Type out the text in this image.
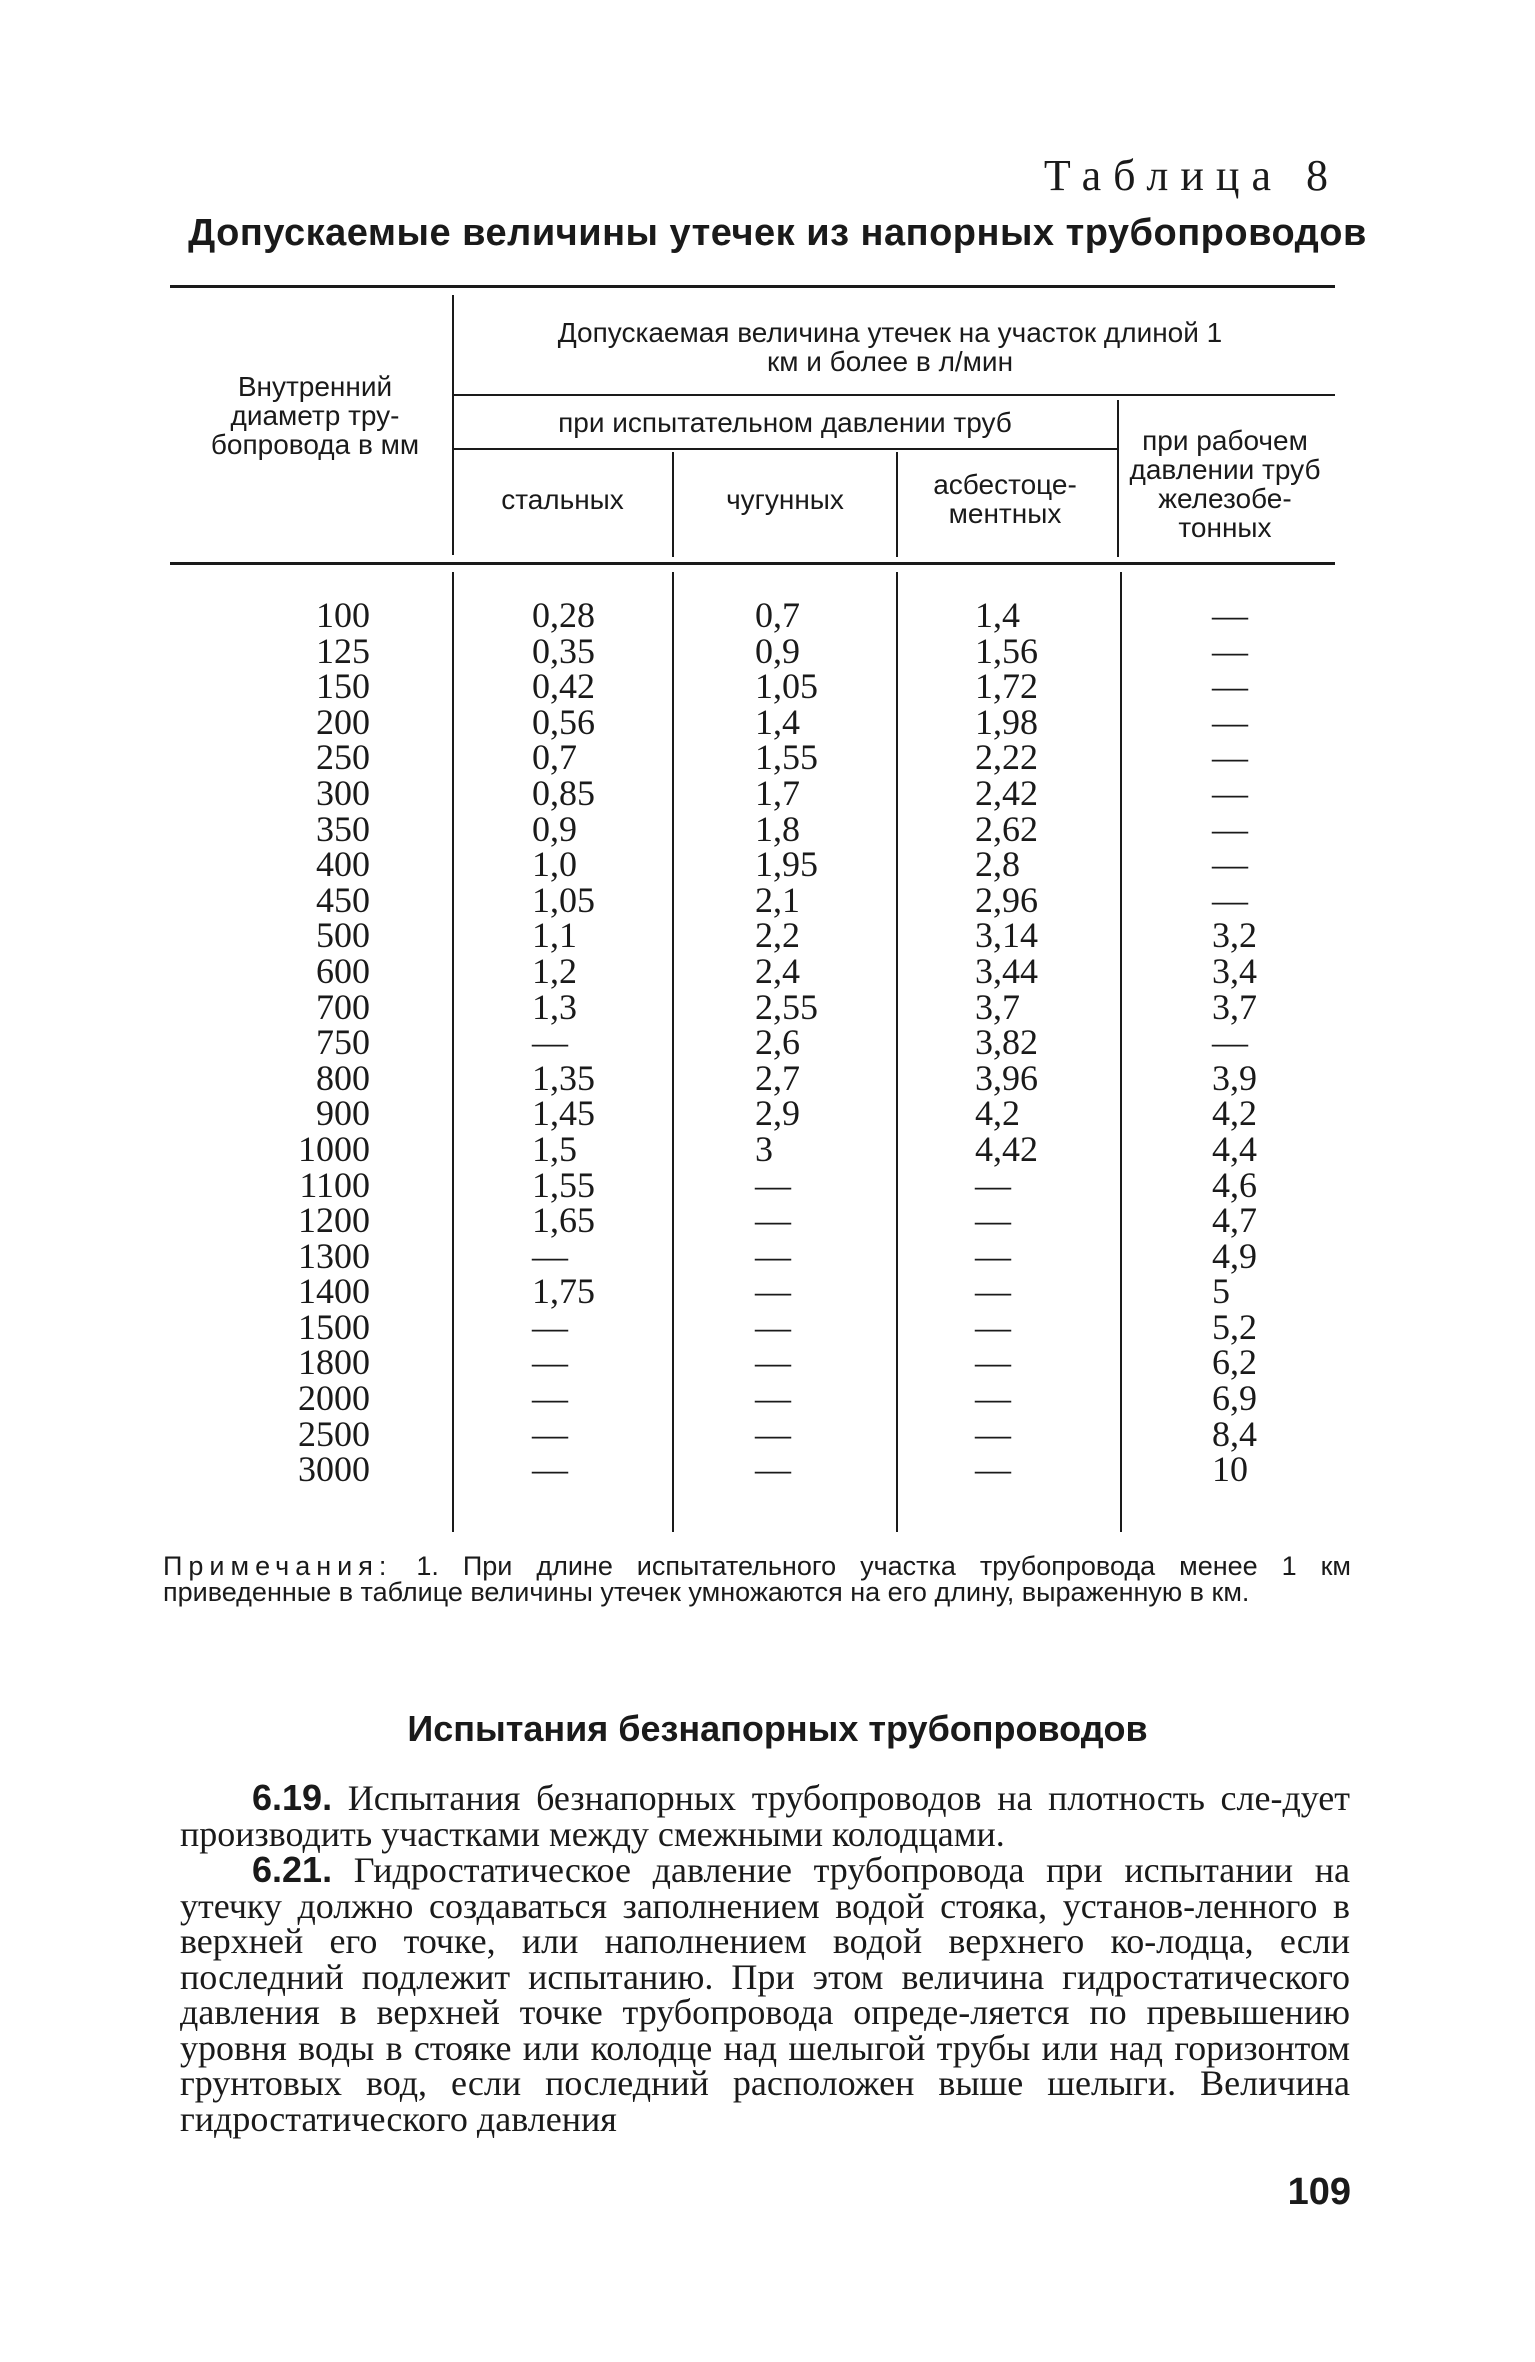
Таблица 8
Допускаемые величины утечек из напорных трубопроводов
Внутренний диаметр тру-бопровода в мм
Допускаемая величина утечек на участок длиной 1 км и более в л/мин
при испытательном давлении труб
стальных	чугунных	асбестоце-ментных
при рабочем давлении труб железобе-тонных
100
125
150
200
250
300
350
400
450
500
600
700
750
800
900
1000
1100
1200
1300
1400
1500
1800
2000
2500
3000
0,28
0,35
0,42
0,56
0,7
0,85
0,9
1,0
1,05
1,1
1,2
1,3
—
1,35
1,45
1,5
1,55
1,65
—
1,75
—
—
—
—
—
0,7
0,9
1,05
1,4
1,55
1,7
1,8
1,95
2,1
2,2
2,4
2,55
2,6
2,7
2,9
3
—
—
—
—
—
—
—
—
—
1,4
1,56
1,72
1,98
2,22
2,42
2,62
2,8
2,96
3,14
3,44
3,7
3,82
3,96
4,2
4,42
—
—
—
—
—
—
—
—
—
—
—
—
—
—
—
—
—
—
3,2
3,4
3,7
—
3,9
4,2
4,4
4,6
4,7
4,9
5
5,2
6,2
6,9
8,4
10
Примечания: 1. При длине испытательного участка трубопровода менее 1 км приведенные в таблице величины утечек умножаются на его длину, выраженную в км.
Испытания безнапорных трубопроводов
6.19. Испытания безнапорных трубопроводов на плотность сле-дует производить участками между смежными колодцами.
6.21. Гидростатическое давление трубопровода при испытании на утечку должно создаваться заполнением водой стояка, установ-ленного в верхней его точке, или наполнением водой верхнего ко-лодца, если последний подлежит испытанию. При этом величина гидростатического давления в верхней точке трубопровода опреде-ляется по превышению уровня воды в стояке или колодце над шелыгой трубы или над горизонтом грунтовых вод, если последний расположен выше шелыги. Величина гидростатического давления
109
